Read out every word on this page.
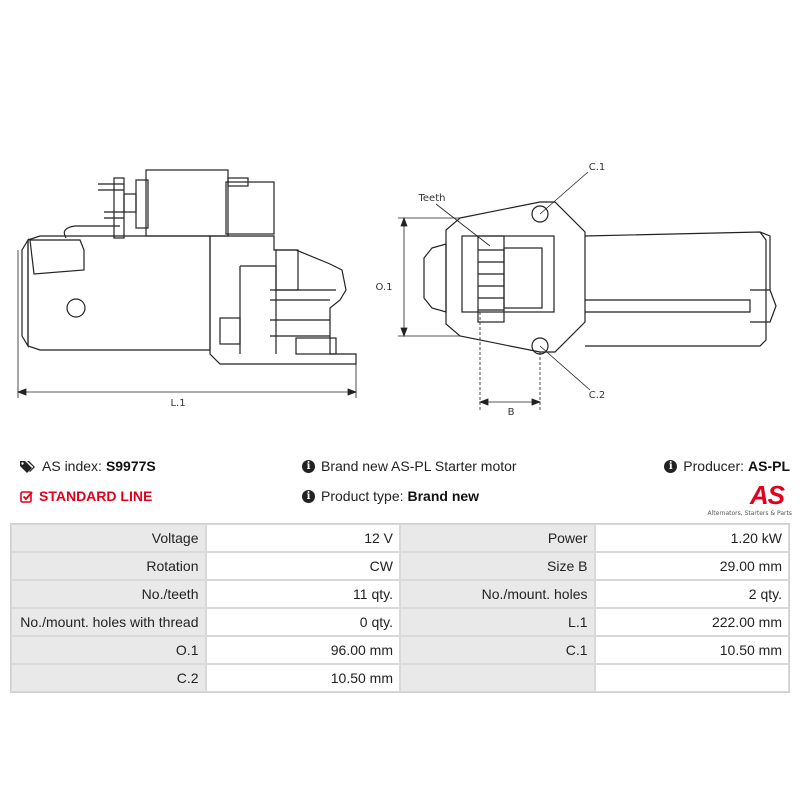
L.1
O.1
B
C.1
C.2
Teeth
AS index: S9977S	i Brand new AS-PL Starter motor	i Producer: AS-PL
STANDARD LINE	i Product type: Brand new	AS
Alternators, Starters & Parts
Voltage	12 V	Power	1.20 kW
Rotation	CW	Size B	29.00 mm
No./teeth	11 qty.	No./mount. holes	2 qty.
No./mount. holes with thread	0 qty.	L.1	222.00 mm
O.1	96.00 mm	C.1	10.50 mm
C.2	10.50 mm		
